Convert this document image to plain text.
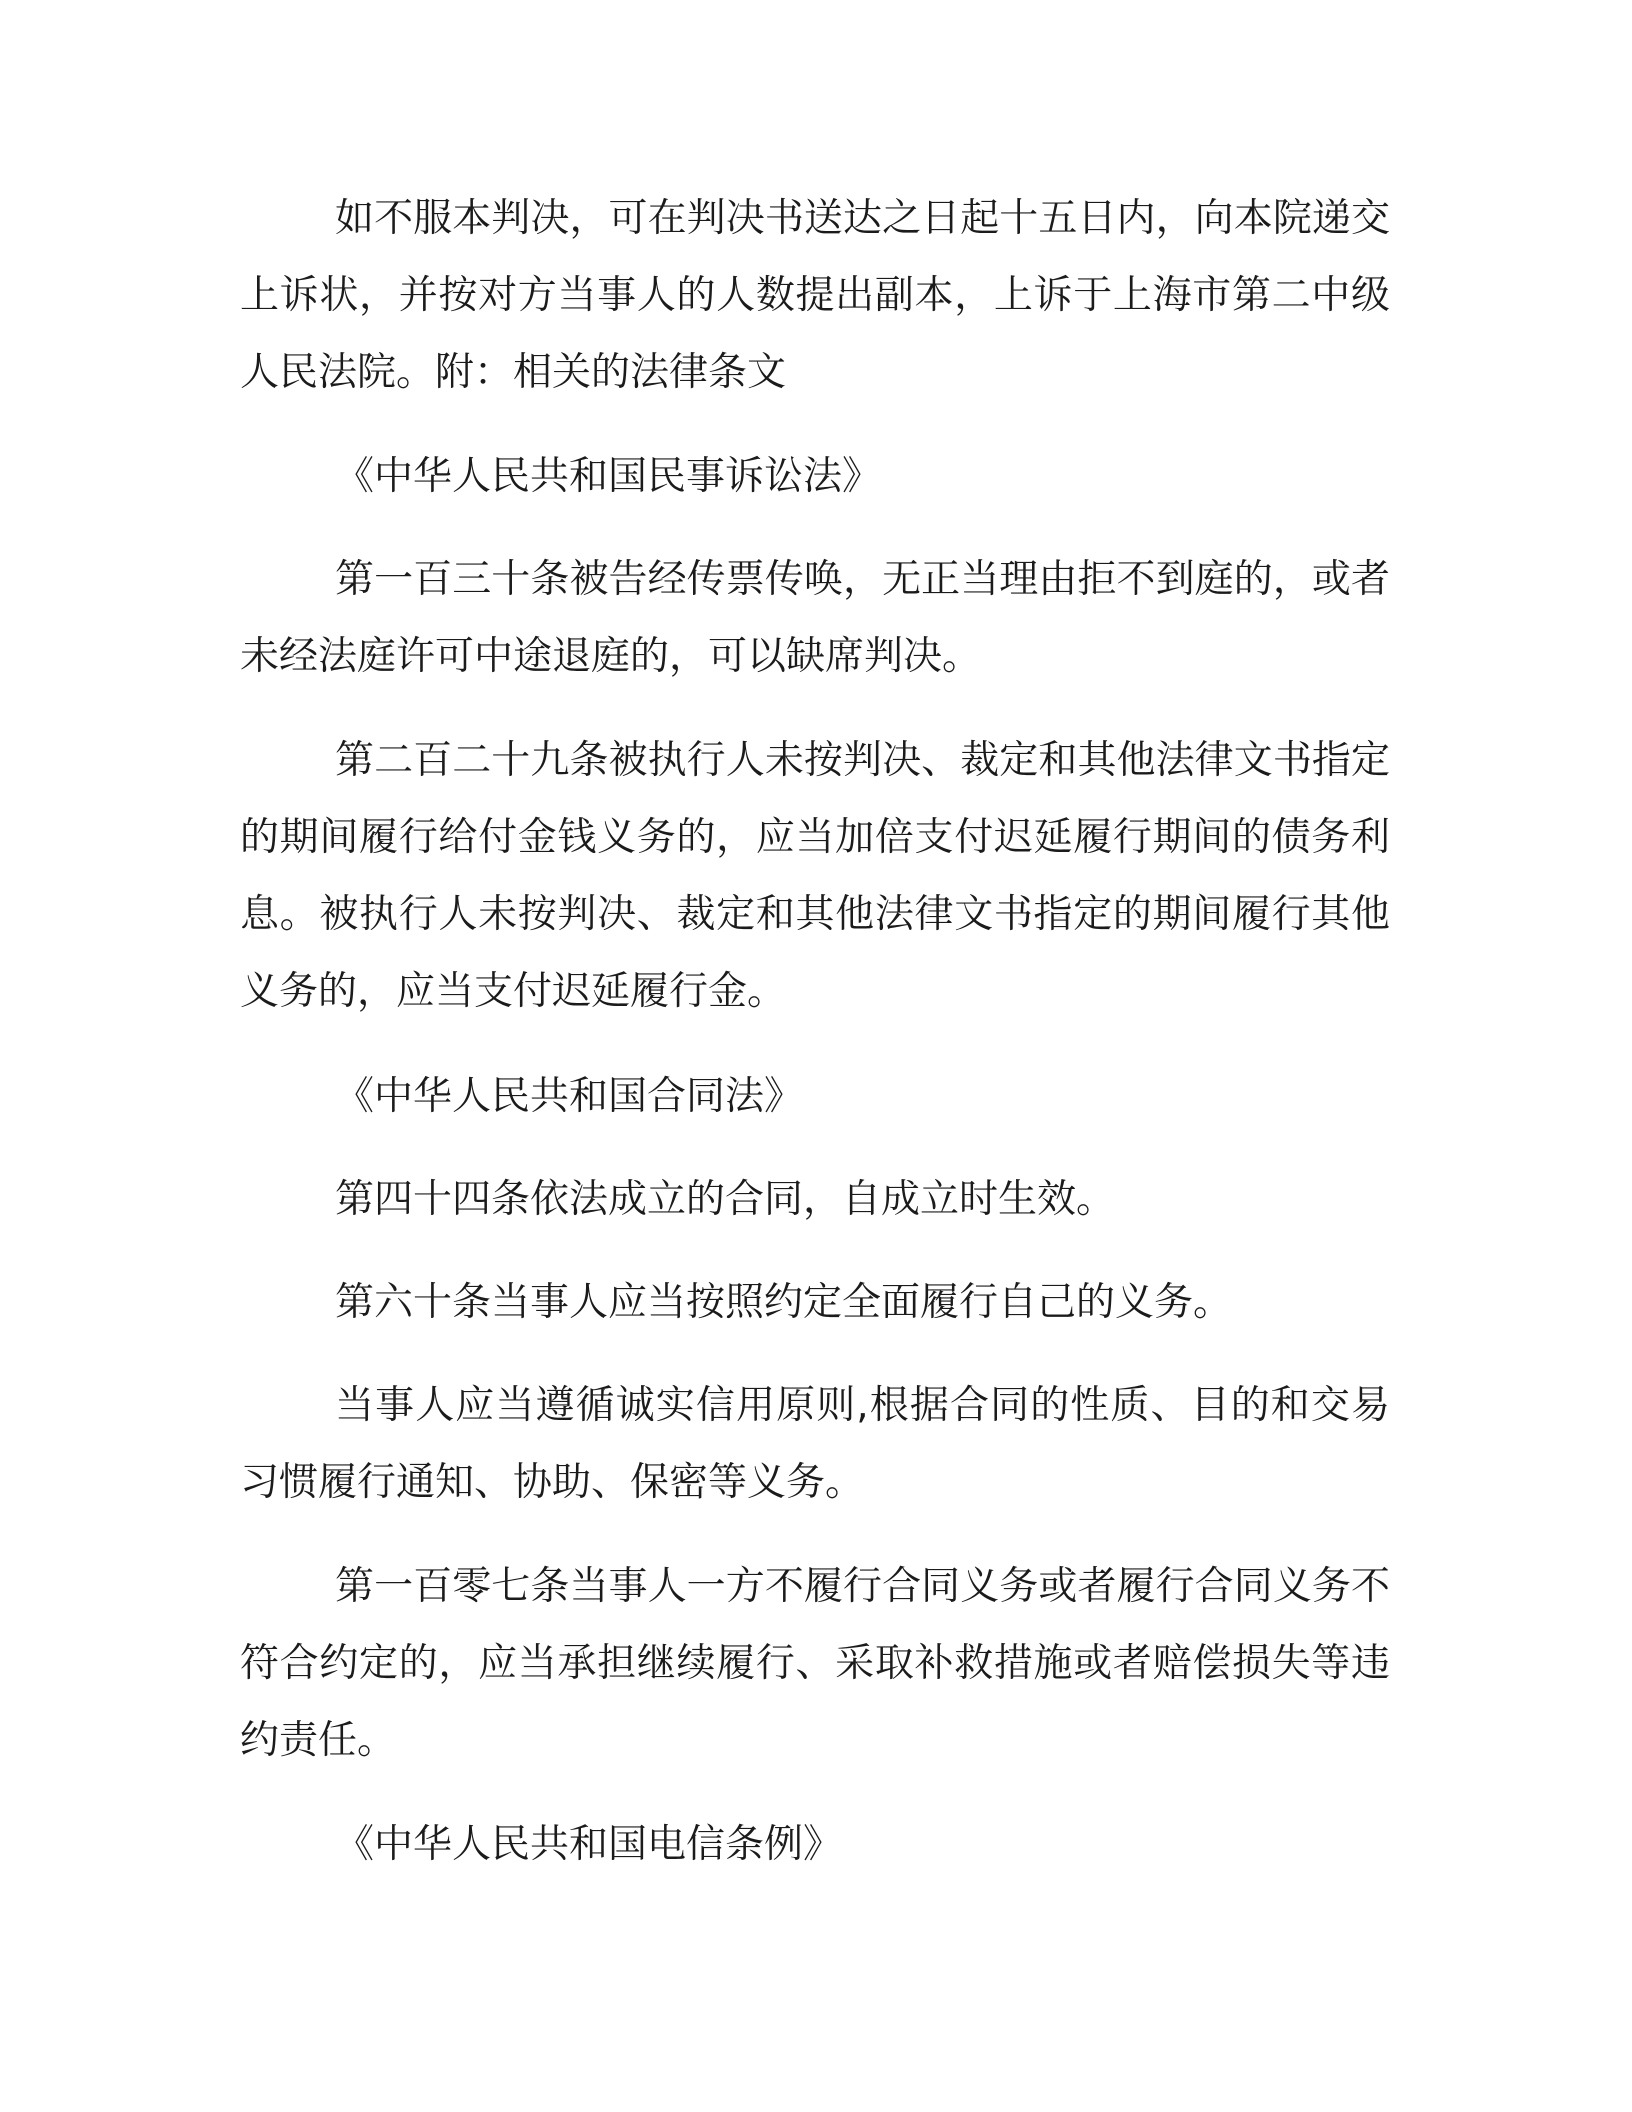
如不服本判决，可在判决书送达之日起十五日内，向本院递交上诉状，并按对方当事人的人数提出副本，上诉于上海市第二中级人民法院。附：相关的法律条文

《中华人民共和国民事诉讼法》

第一百三十条被告经传票传唤，无正当理由拒不到庭的，或者未经法庭许可中途退庭的，可以缺席判决。

第二百二十九条被执行人未按判决、裁定和其他法律文书指定的期间履行给付金钱义务的，应当加倍支付迟延履行期间的债务利息。被执行人未按判决、裁定和其他法律文书指定的期间履行其他义务的，应当支付迟延履行金。

《中华人民共和国合同法》

第四十四条依法成立的合同，自成立时生效。

第六十条当事人应当按照约定全面履行自己的义务。

当事人应当遵循诚实信用原则,根据合同的性质、目的和交易习惯履行通知、协助、保密等义务。

第一百零七条当事人一方不履行合同义务或者履行合同义务不符合约定的，应当承担继续履行、采取补救措施或者赔偿损失等违约责任。

《中华人民共和国电信条例》
